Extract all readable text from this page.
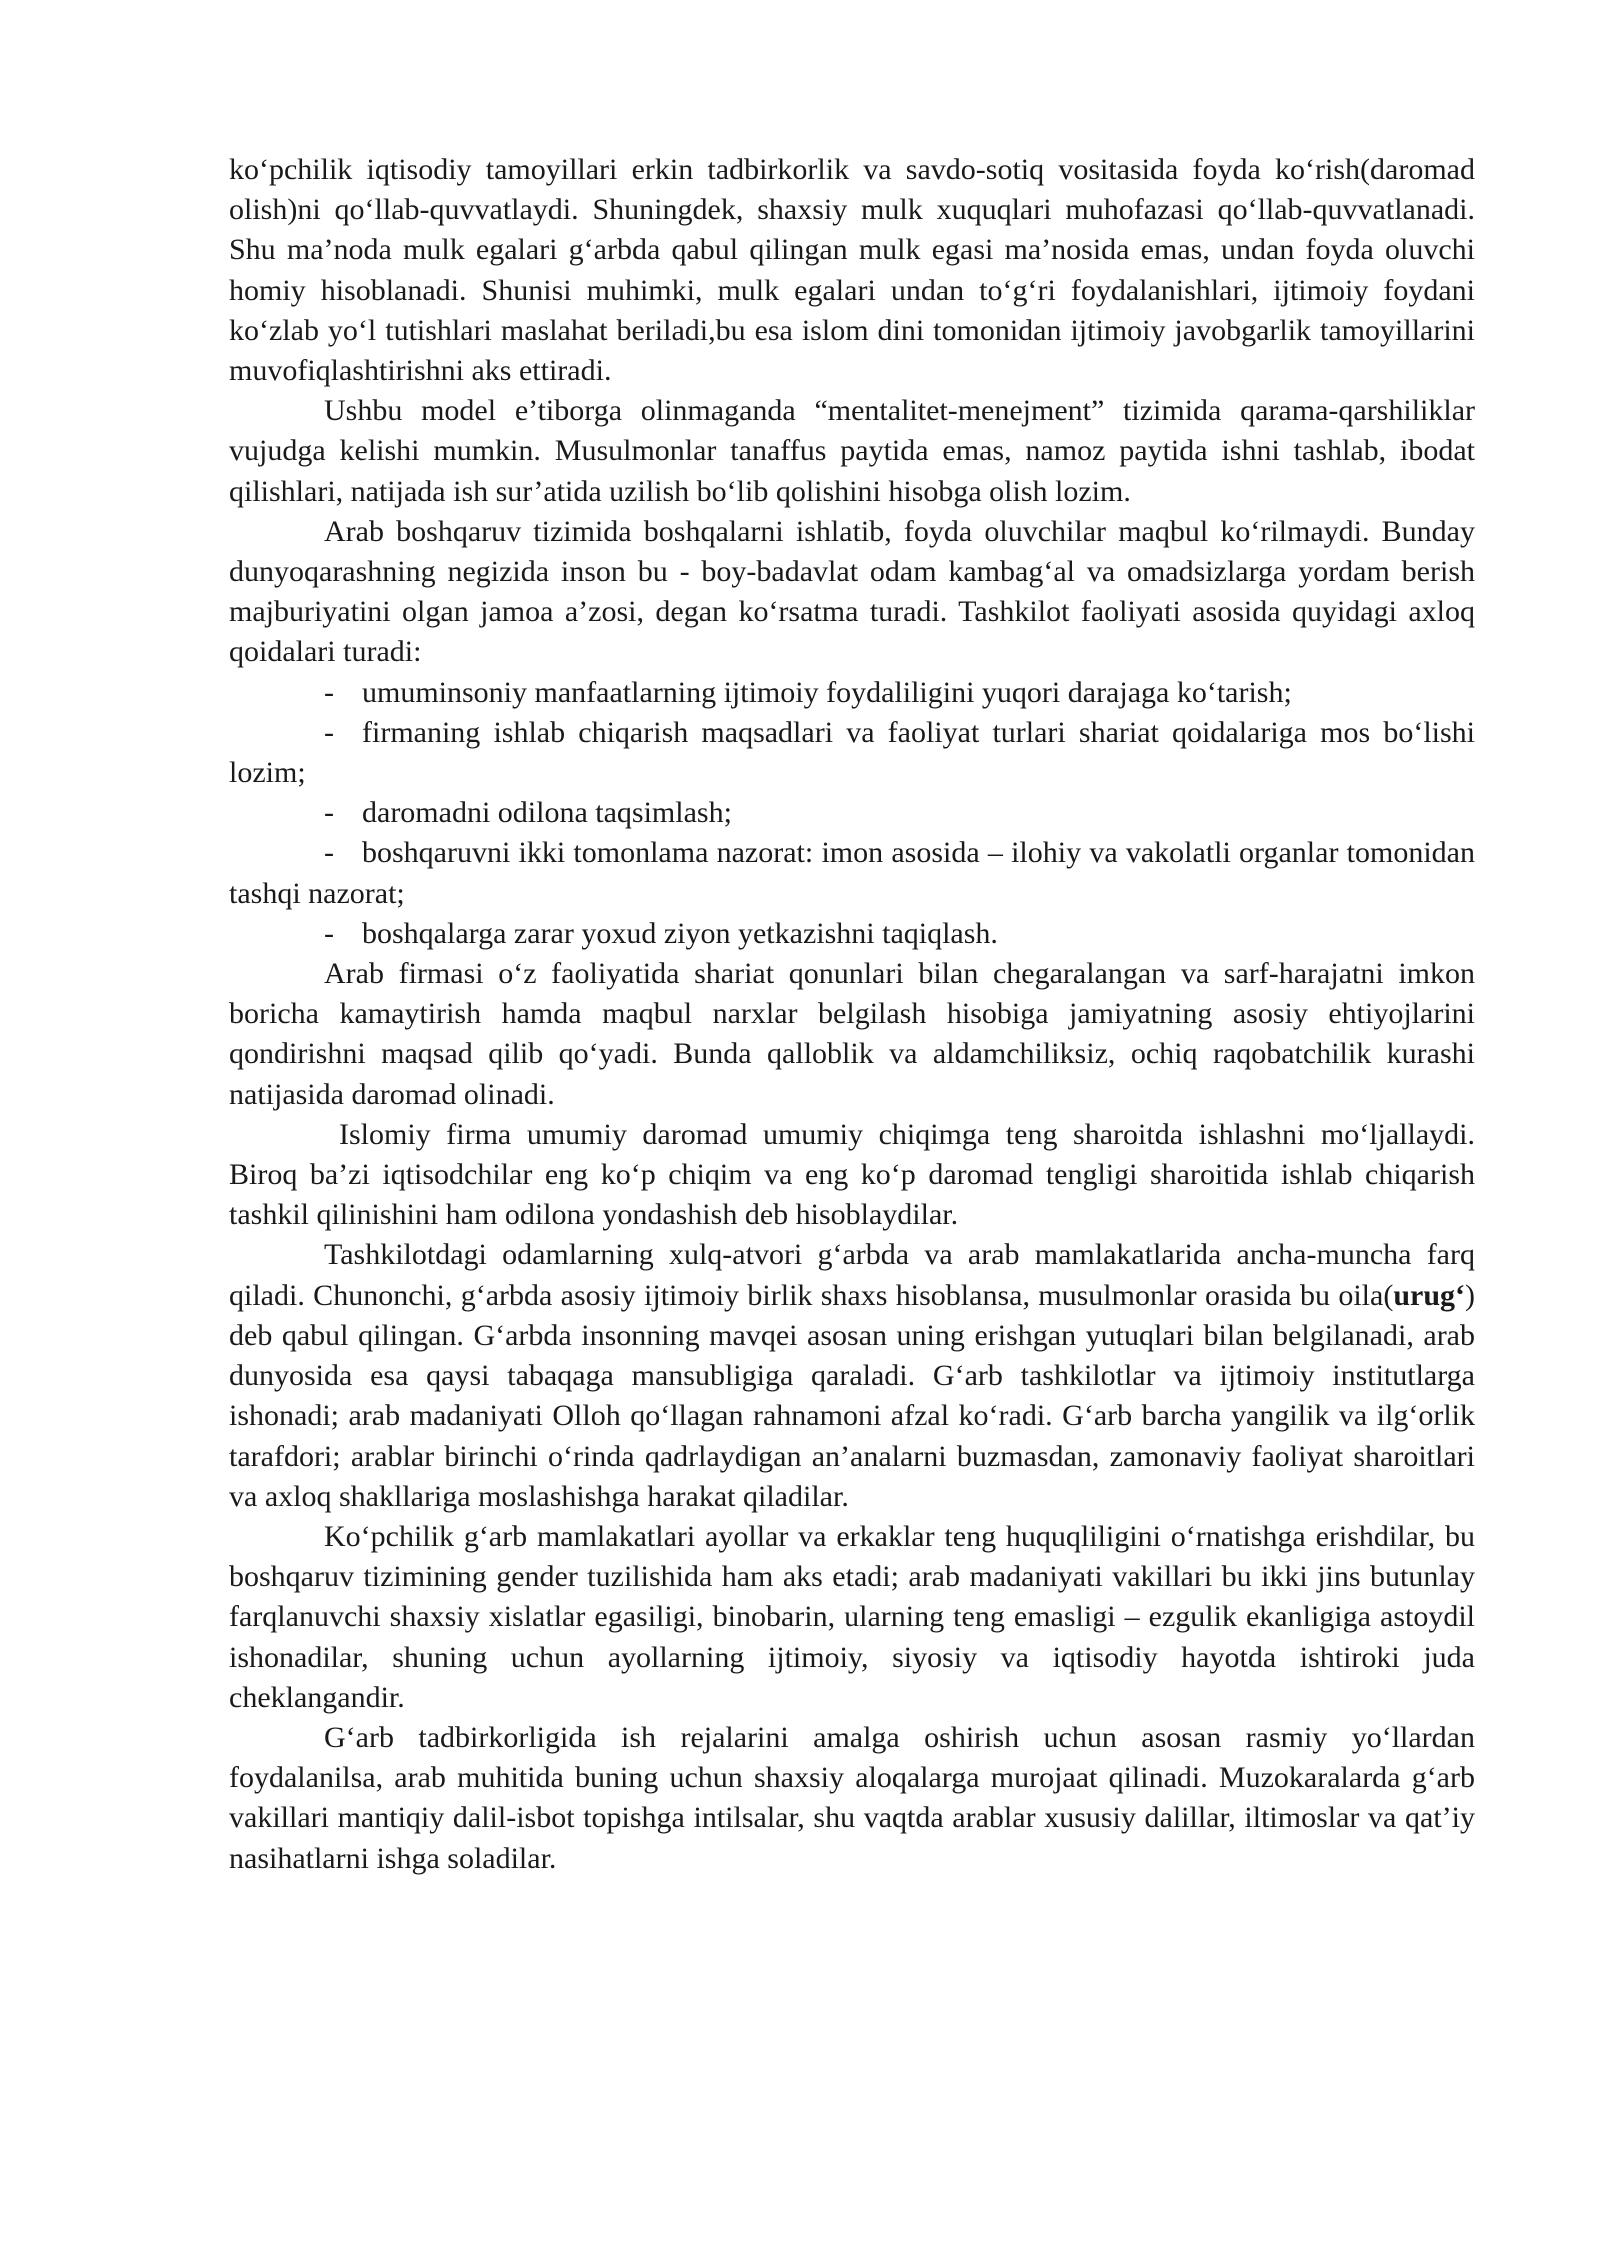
ko‘pchilik iqtisodiy tamoyillari erkin tadbirkorlik va savdo-sotiq vositasida foyda ko‘rish(daromad olish)ni qo‘llab-quvvatlaydi. Shuningdek, shaxsiy mulk xuquqlari muhofazasi qo‘llab-quvvatlanadi. Shu ma’noda mulk egalari g‘arbda qabul qilingan mulk egasi ma’nosida emas, undan foyda oluvchi homiy hisoblanadi. Shunisi muhimki, mulk egalari undan to‘g‘ri foydalanishlari, ijtimoiy foydani ko‘zlab yo‘l tutishlari maslahat beriladi,bu esa islom dini tomonidan ijtimoiy javobgarlik tamoyillarini muvofiqlashtirishni aks ettiradi.

Ushbu model e’tiborga olinmaganda “mentalitet-menejment” tizimida qarama-qarshiliklar vujudga kelishi mumkin. Musulmonlar tanaffus paytida emas, namoz paytida ishni tashlab, ibodat qilishlari, natijada ish sur’atida uzilish bo‘lib qolishini hisobga olish lozim.

Arab boshqaruv tizimida boshqalarni ishlatib, foyda oluvchilar maqbul ko‘rilmaydi. Bunday dunyoqarashning negizida inson bu - boy-badavlat odam kambag‘al va omadsizlarga yordam berish majburiyatini olgan jamoa a’zosi, degan ko‘rsatma turadi. Tashkilot faoliyati asosida quyidagi axloq qoidalari turadi:

- umuminsoniy manfaatlarning ijtimoiy foydaliligini yuqori darajaga ko‘tarish;

- firmaning ishlab chiqarish maqsadlari va faoliyat turlari shariat qoidalariga mos bo‘lishi lozim;

- daromadni odilona taqsimlash;

- boshqaruvni ikki tomonlama nazorat: imon asosida – ilohiy va vakolatli organlar tomonidan tashqi nazorat;

- boshqalarga zarar yoxud ziyon yetkazishni taqiqlash.

Arab firmasi o‘z faoliyatida shariat qonunlari bilan chegaralangan va sarf-harajatni imkon boricha kamaytirish hamda maqbul narxlar belgilash hisobiga jamiyatning asosiy ehtiyojlarini qondirishni maqsad qilib qo‘yadi. Bunda qalloblik va aldamchiliksiz, ochiq raqobatchilik kurashi natijasida daromad olinadi.

Islomiy firma umumiy daromad umumiy chiqimga teng sharoitda ishlashni mo‘ljallaydi. Biroq ba’zi iqtisodchilar eng ko‘p chiqim va eng ko‘p daromad tengligi sharoitida ishlab chiqarish tashkil qilinishini ham odilona yondashish deb hisoblaydilar.

Tashkilotdagi odamlarning xulq-atvori g‘arbda va arab mamlakatlarida ancha-muncha farq qiladi. Chunonchi, g‘arbda asosiy ijtimoiy birlik shaxs hisoblansa, musulmonlar orasida bu oila(urug‘) deb qabul qilingan. G‘arbda insonning mavqei asosan uning erishgan yutuqlari bilan belgilanadi, arab dunyosida esa qaysi tabaqaga mansubligiga qaraladi. G‘arb tashkilotlar va ijtimoiy institutlarga ishonadi; arab madaniyati Olloh qo‘llagan rahnamoni afzal ko‘radi. G‘arb barcha yangilik va ilg‘orlik tarafdori; arablar birinchi o‘rinda qadrlaydigan an’analarni buzmasdan, zamonaviy faoliyat sharoitlari va axloq shakllariga moslashishga harakat qiladilar.

Ko‘pchilik g‘arb mamlakatlari ayollar va erkaklar teng huquqliligini o‘rnatishga erishdilar, bu boshqaruv tizimining gender tuzilishida ham aks etadi; arab madaniyati vakillari bu ikki jins butunlay farqlanuvchi shaxsiy xislatlar egasiligi, binobarin, ularning teng emasligi – ezgulik ekanligiga astoydil ishonadilar, shuning uchun ayollarning ijtimoiy, siyosiy va iqtisodiy hayotda ishtiroki juda cheklangandir.

G‘arb tadbirkorligida ish rejalarini amalga oshirish uchun asosan rasmiy yo‘llardan foydalanilsa, arab muhitida buning uchun shaxsiy aloqalarga murojaat qilinadi. Muzokaralarda g‘arb vakillari mantiqiy dalil-isbot topishga intilsalar, shu vaqtda arablar xususiy dalillar, iltimoslar va qat’iy nasihatlarni ishga soladilar.
